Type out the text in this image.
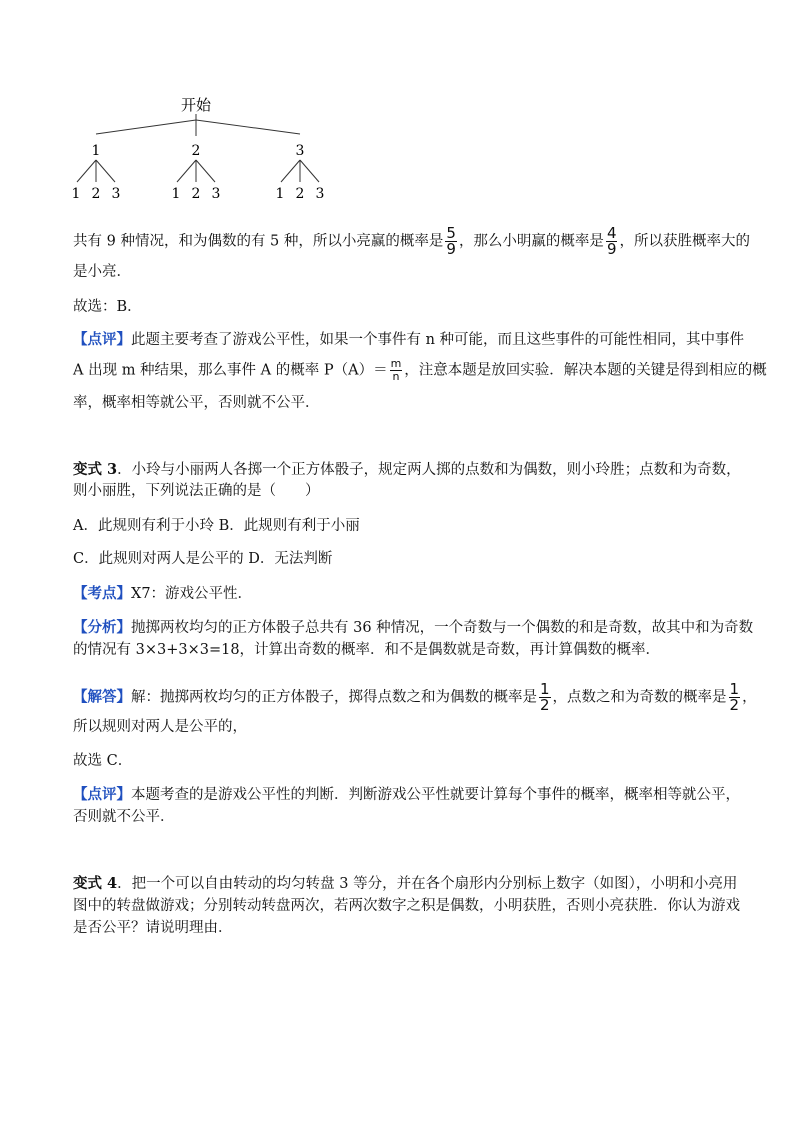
开始
1	2	3
1 2 3	1 2 3	1 2 3
共有 9 种情况，和为偶数的有 5 种，所以小亮赢的概率是 $\frac{5}{9}$ ，那么小明赢的概率是 $\frac{4}{9}$ ，所以获胜概率大的
是小亮．
故选：B．
【点评】此题主要考查了游戏公平性，如果一个事件有 n 种可能，而且这些事件的可能性相同，其中事件
A 出现 m 种结果，那么事件 A 的概率 $P(A)= \frac{m}{n}$ ，注意本题是放回实验．解决本题的关键是得到相应的概
率，概率相等就公平，否则就不公平．
变式 3．小玲与小丽两人各掷一个正方体骰子，规定两人掷的点数和为偶数，则小玲胜；点数和为奇数，
则小丽胜，下列说法正确的是（　　）
A．此规则有利于小玲 B．此规则有利于小丽
C．此规则对两人是公平的 D．无法判断
【考点】X7：游戏公平性．
【分析】抛掷两枚均匀的正方体骰子总共有 36 种情况，一个奇数与一个偶数的和是奇数，故其中和为奇数
的情况有 3×3+3×3=18，计算出奇数的概率．和不是偶数就是奇数，再计算偶数的概率．
【解答】解：抛掷两枚均匀的正方体骰子，掷得点数之和为偶数的概率是 $\frac{1}{2}$ ，点数之和为奇数的概率是 $\frac{1}{2}$ ，
所以规则对两人是公平的，
故选 C．
【点评】本题考查的是游戏公平性的判断．判断游戏公平性就要计算每个事件的概率，概率相等就公平，
否则就不公平．
变式 4．把一个可以自由转动的均匀转盘 3 等分，并在各个扇形内分别标上数字（如图），小明和小亮用
图中的转盘做游戏；分别转动转盘两次，若两次数字之积是偶数，小明获胜，否则小亮获胜．你认为游戏
是否公平？请说明理由．
